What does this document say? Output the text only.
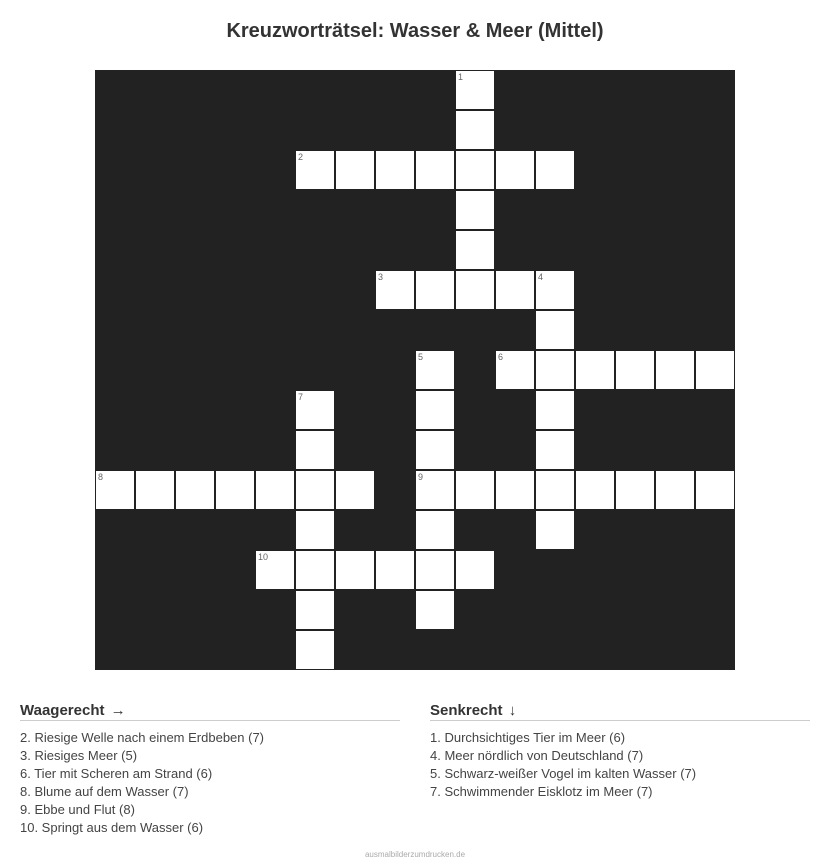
Kreuzworträtsel: Wasser & Meer (Mittel)
1
2
3	4
5	6
7
8	9
10
Waagerecht →
2. Riesige Welle nach einem Erdbeben (7)
3. Riesiges Meer (5)
6. Tier mit Scheren am Strand (6)
8. Blume auf dem Wasser (7)
9. Ebbe und Flut (8)
10. Springt aus dem Wasser (6)
Senkrecht ↓
1. Durchsichtiges Tier im Meer (6)
4. Meer nördlich von Deutschland (7)
5. Schwarz-weißer Vogel im kalten Wasser (7)
7. Schwimmender Eisklotz im Meer (7)
ausmalbilderzumdrucken.de
